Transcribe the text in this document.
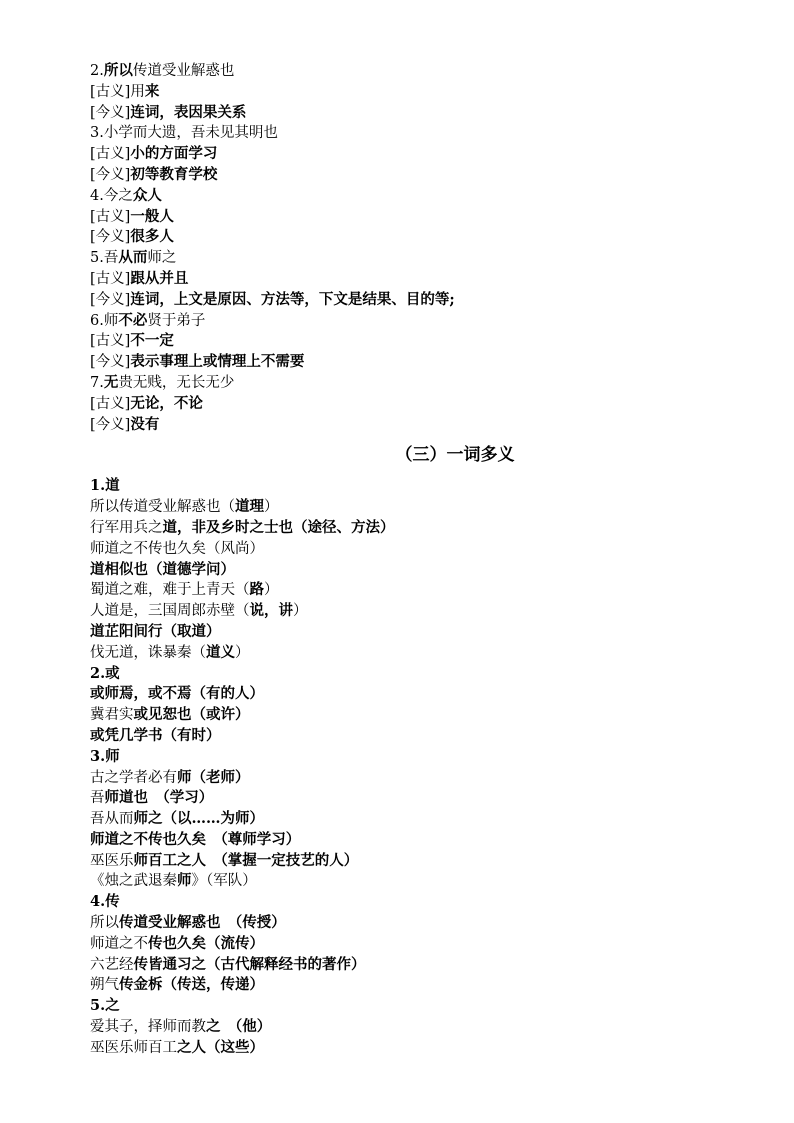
2.所以传道受业解惑也
[古义]用来
[今义]连词，表因果关系
3.小学而大遗，吾未见其明也
[古义]小的方面学习
[今义]初等教育学校
4.今之众人
[古义]一般人
[今义]很多人
5.吾从而师之
[古义]跟从并且
[今义]连词，上文是原因、方法等，下文是结果、目的等;
6.师不必贤于弟子
[古义]不一定
[今义]表示事理上或情理上不需要
7.无贵无贱，无长无少
[古义]无论，不论
[今义]没有
（三）一词多义
1.道
所以传道受业解惑也（道理）
行军用兵之道，非及乡时之士也（途径、方法）
师道之不传也久矣（风尚）
道相似也（道德学问）
蜀道之难，难于上青天（路）
人道是，三国周郎赤壁（说，讲）
道芷阳间行（取道）
伐无道，诛暴秦（道义）
2.或
或师焉，或不焉（有的人）
冀君实或见恕也（或许）
或凭几学书（有时）
3.师
古之学者必有师（老师）
吾师道也　（学习）
吾从而师之（以……为师）
师道之不传也久矣　（尊师学习）
巫医乐师百工之人　（掌握一定技艺的人）
《烛之武退秦师》（军队）
4.传
所以传道受业解惑也　（传授）
师道之不传也久矣（流传）
六艺经传皆通习之（古代解释经书的著作）
朔气传金柝（传送，传递）
5.之
爱其子，择师而教之　（他）
巫医乐师百工之人（这些）
